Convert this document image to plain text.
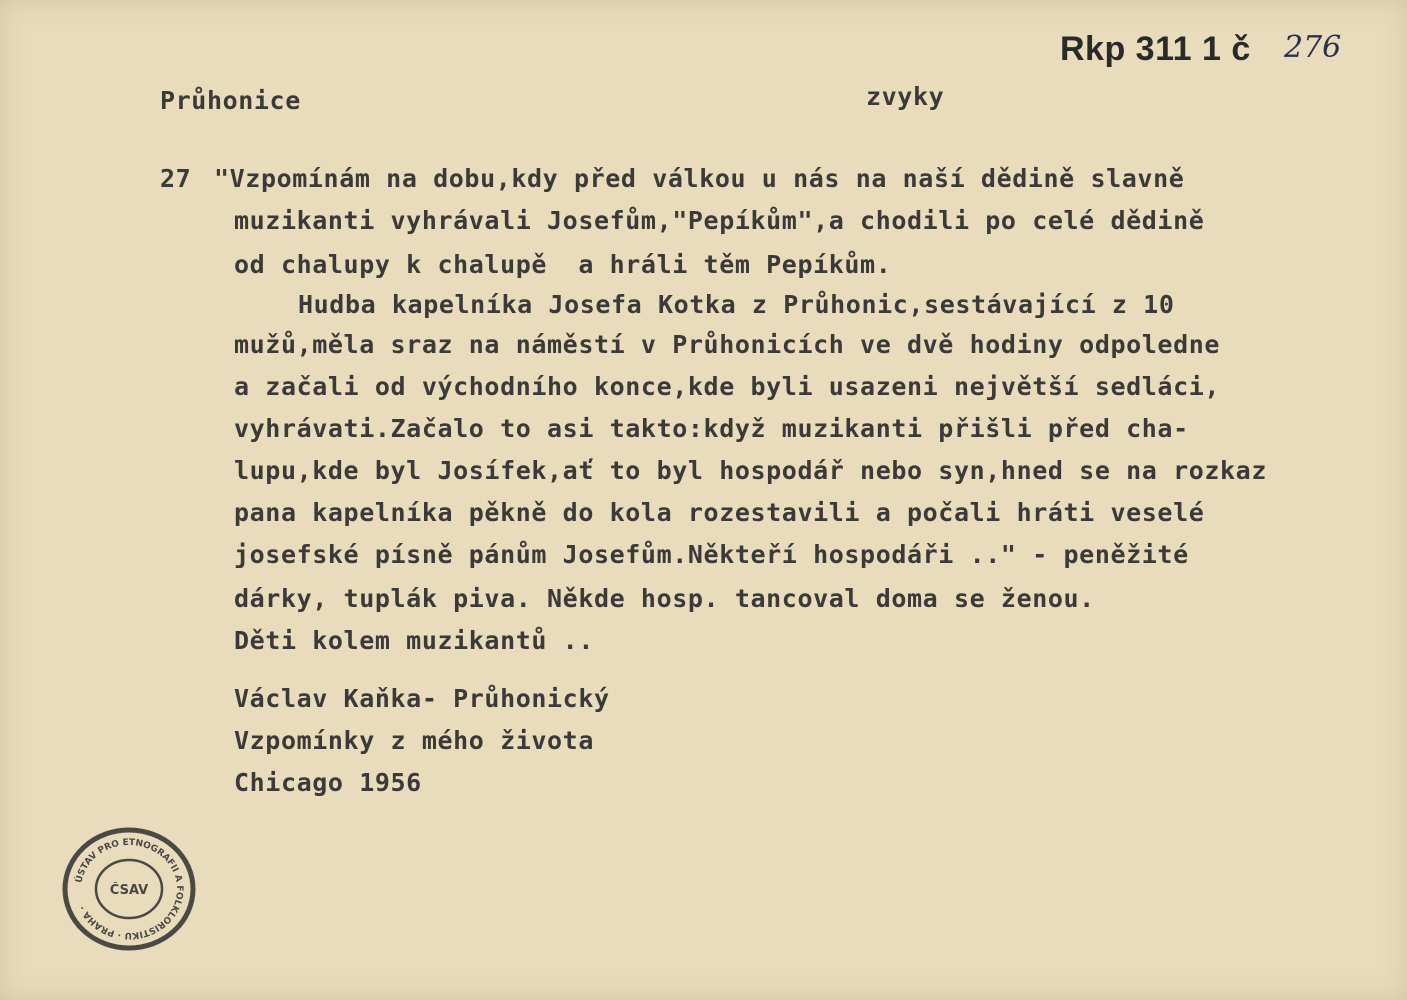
Rkp 311 1 č 276
Průhonice	zvyky
27 "Vzpomínám na dobu,kdy před válkou u nás na naší dědině slavně
muzikanti vyhrávali Josefům,"Pepíkům",a chodili po celé dědině
od chalupy k chalupě  a hráli těm Pepíkům.
Hudba kapelníka Josefa Kotka z Průhonic,sestávající z 10
mužů,měla sraz na náměstí v Průhonicích ve dvě hodiny odpoledne
a začali od východního konce,kde byli usazeni největší sedláci,
vyhrávati.Začalo to asi takto:když muzikanti přišli před cha-
lupu,kde byl Josífek,ať to byl hospodář nebo syn,hned se na rozkaz
pana kapelníka pěkně do kola rozestavili a počali hráti veselé
josefské písně pánům Josefům.Někteří hospodáři .." - peněžité
dárky, tuplák piva. Někde hosp. tancoval doma se ženou.
Děti kolem muzikantů ..
Václav Kaňka- Průhonický
Vzpomínky z mého života
Chicago 1956
ÚSTAV PRO ETNOGRAFII A FOLKLORISTIKU · PRAHA ·
ČSAV
